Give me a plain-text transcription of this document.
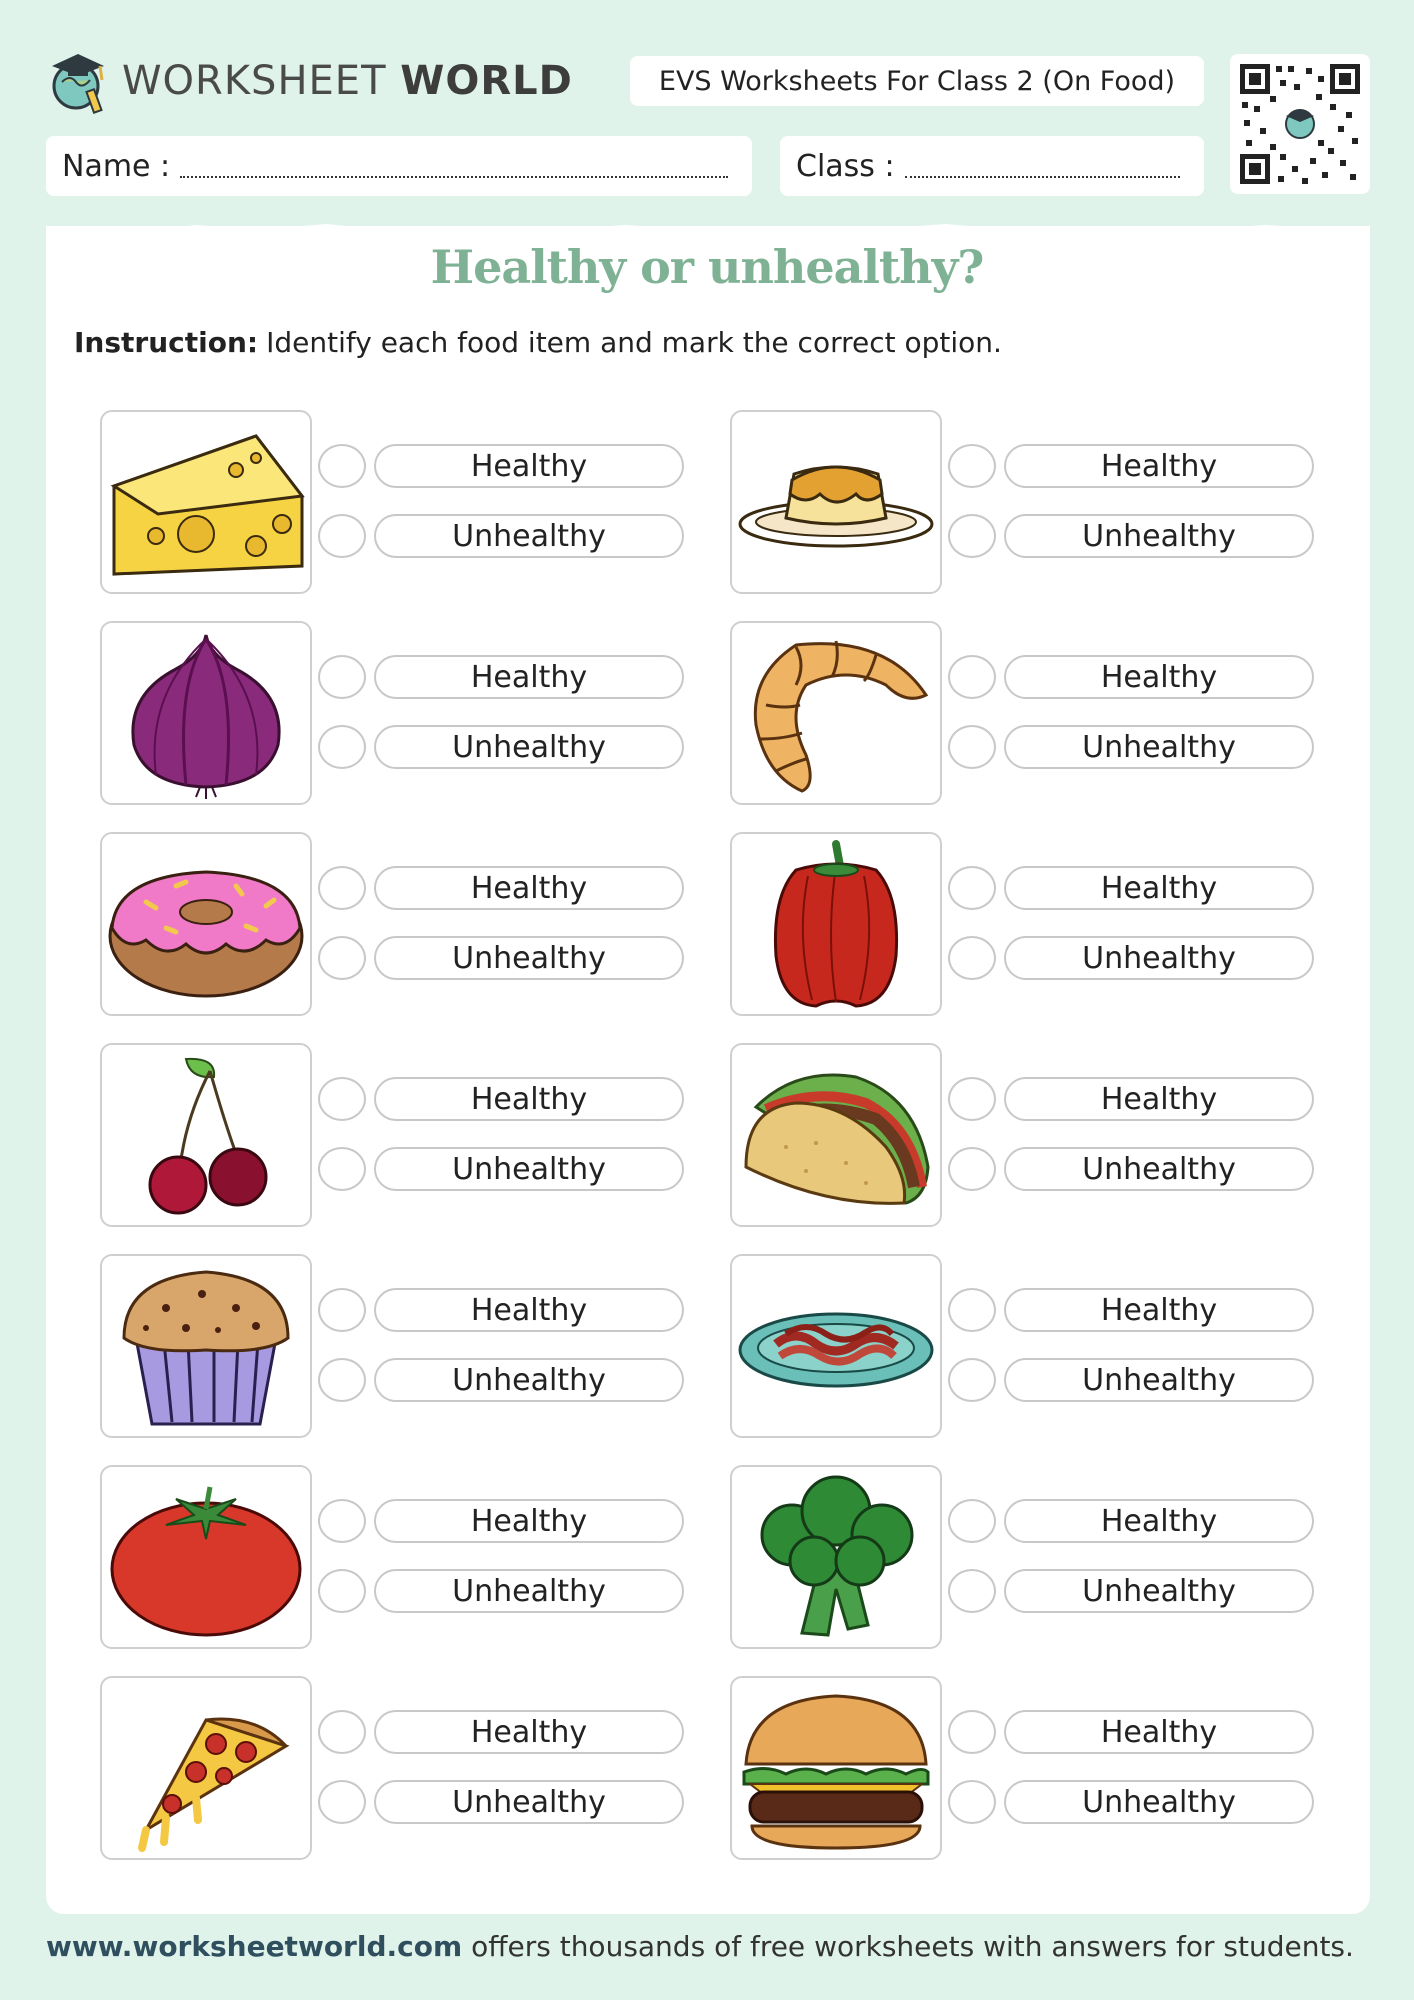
WORKSHEET WORLD	EVS Worksheets For Class 2 (On Food)
Name :	Class :
Healthy or unhealthy?
Instruction: Identify each food item and mark the correct option.
Healthy
Unhealthy
Healthy
Unhealthy
Healthy
Unhealthy
Healthy
Unhealthy
Healthy
Unhealthy
Healthy
Unhealthy
Healthy
Unhealthy
Healthy
Unhealthy
Healthy
Unhealthy
Healthy
Unhealthy
Healthy
Unhealthy
Healthy
Unhealthy
Healthy
Unhealthy
Healthy
Unhealthy
www.worksheetworld.com offers thousands of free worksheets with answers for students.
